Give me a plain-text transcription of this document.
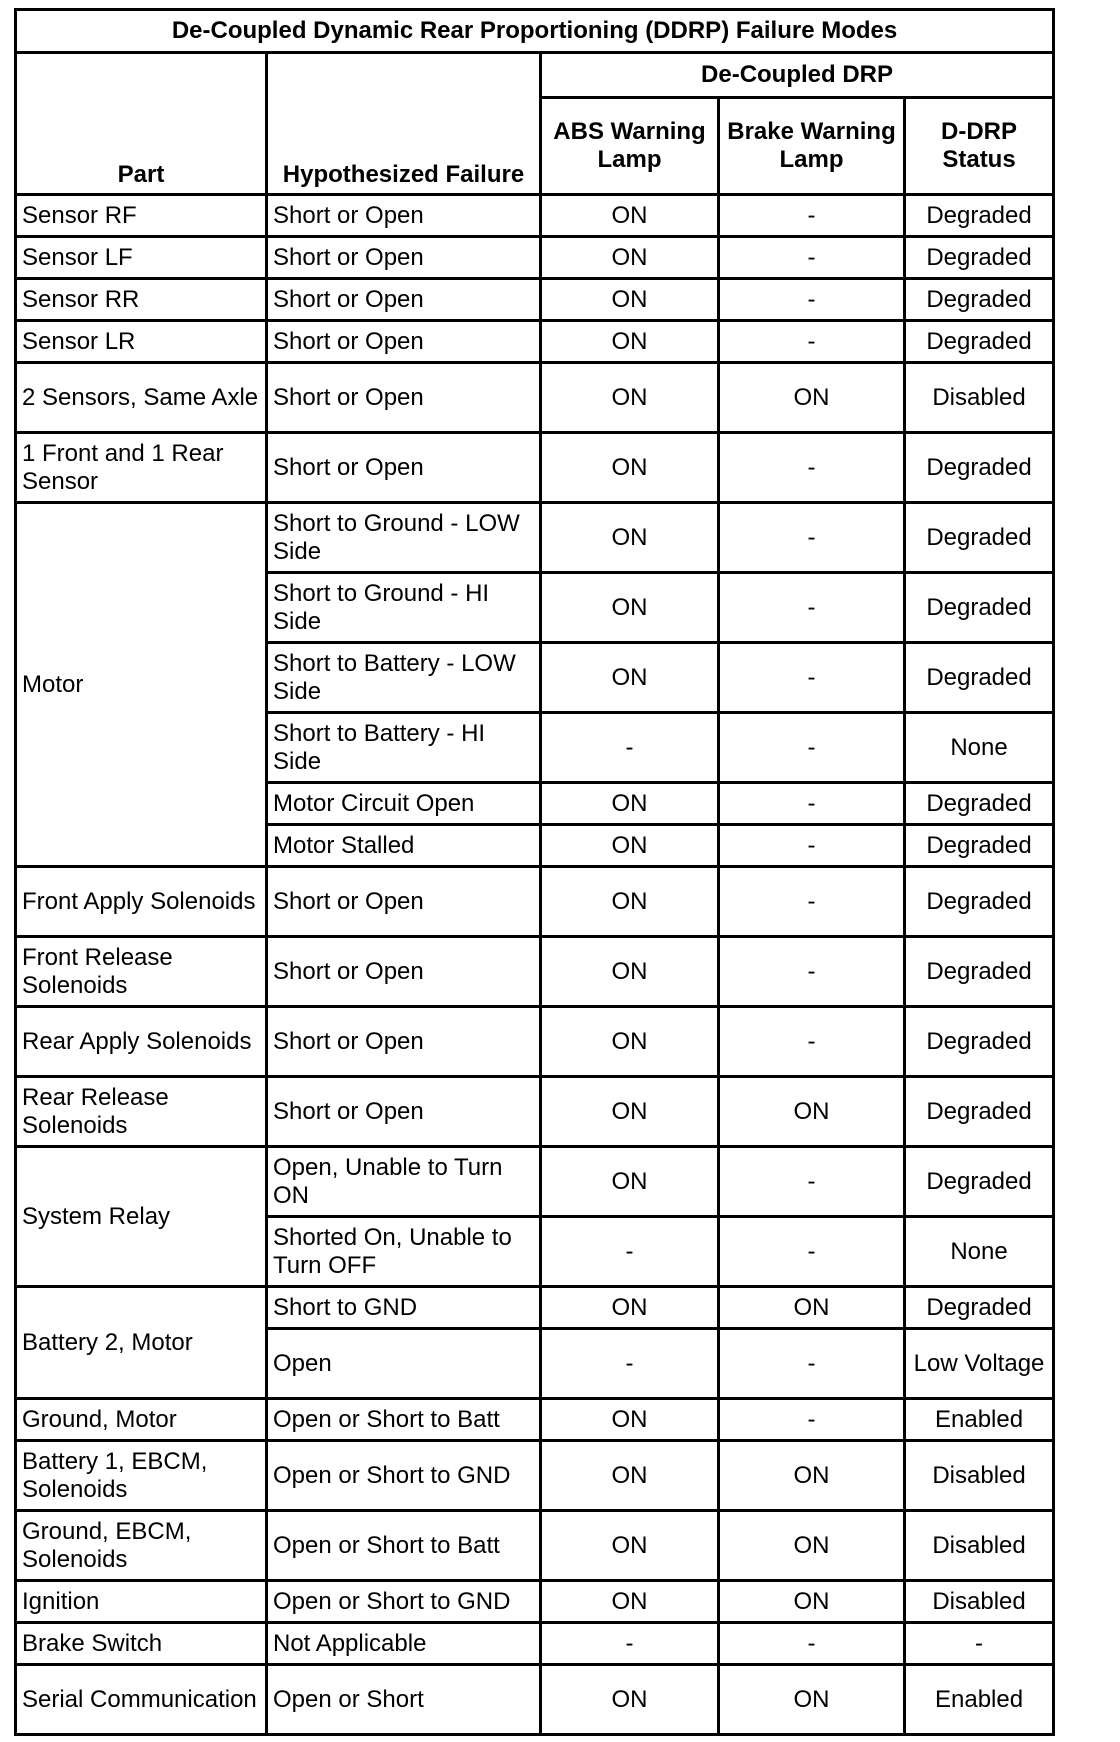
De-Coupled Dynamic Rear Proportioning (DDRP) Failure Modes				
Part	Hypothesized Failure	De-Coupled DRP		
		ABS Warning Lamp	Brake Warning Lamp	D-DRP Status
Sensor RF	Short or Open	ON	-	Degraded
Sensor LF	Short or Open	ON	-	Degraded
Sensor RR	Short or Open	ON	-	Degraded
Sensor LR	Short or Open	ON	-	Degraded
2 Sensors, Same Axle	Short or Open	ON	ON	Disabled
1 Front and 1 Rear Sensor	Short or Open	ON	-	Degraded
Motor	Short to Ground - LOW Side	ON	-	Degraded
	Short to Ground - HI Side	ON	-	Degraded
	Short to Battery - LOW Side	ON	-	Degraded
	Short to Battery - HI Side	-	-	None
	Motor Circuit Open	ON	-	Degraded
	Motor Stalled	ON	-	Degraded
Front Apply Solenoids	Short or Open	ON	-	Degraded
Front Release Solenoids	Short or Open	ON	-	Degraded
Rear Apply Solenoids	Short or Open	ON	-	Degraded
Rear Release Solenoids	Short or Open	ON	ON	Degraded
System Relay	Open, Unable to Turn ON	ON	-	Degraded
	Shorted On, Unable to Turn OFF	-	-	None
Battery 2, Motor	Short to GND	ON	ON	Degraded
	Open	-	-	Low Voltage
Ground, Motor	Open or Short to Batt	ON	-	Enabled
Battery 1, EBCM, Solenoids	Open or Short to GND	ON	ON	Disabled
Ground, EBCM, Solenoids	Open or Short to Batt	ON	ON	Disabled
Ignition	Open or Short to GND	ON	ON	Disabled
Brake Switch	Not Applicable	-	-	-
Serial Communication	Open or Short	ON	ON	Enabled
